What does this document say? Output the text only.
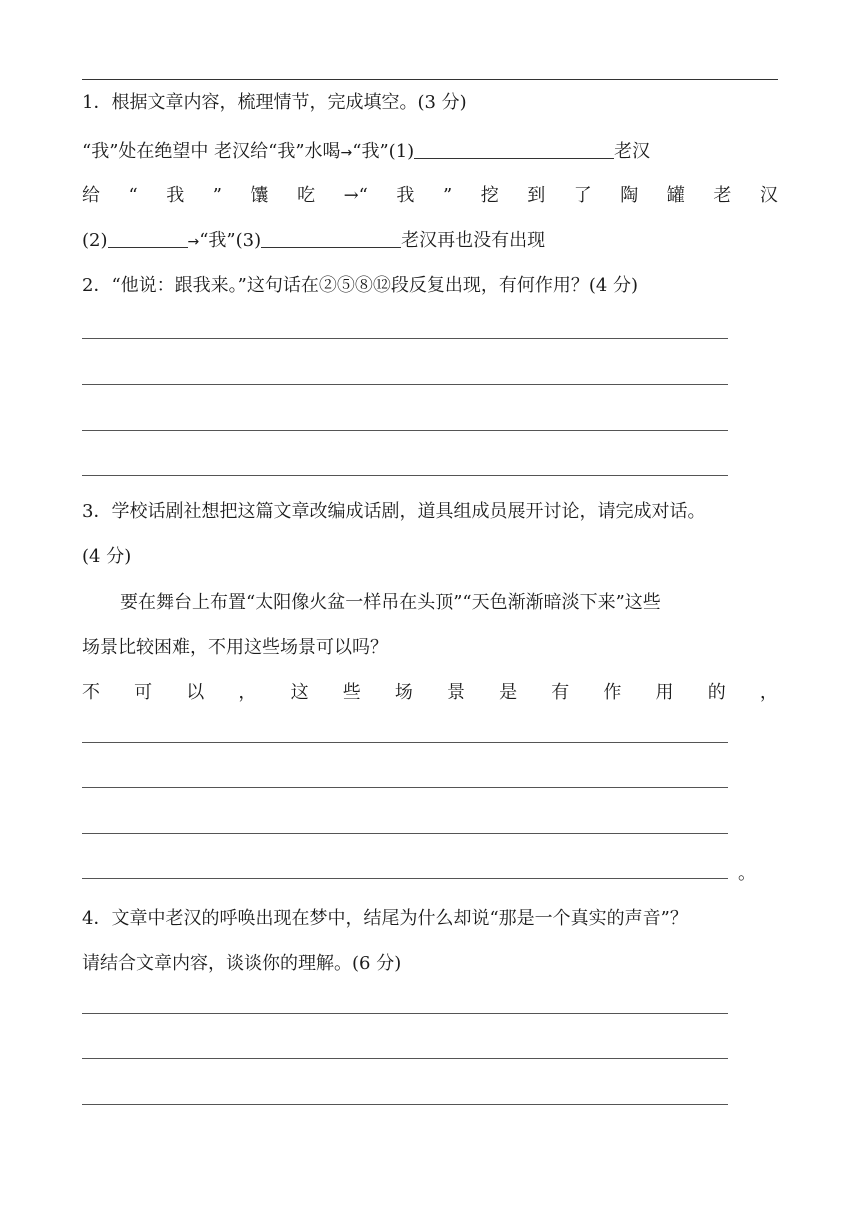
1．根据文章内容，梳理情节，完成填空。(3 分)
“我”处在绝望中 老汉给“我”水喝→“我”(1)	老汉
给 “ 我 ” 馕 吃 →“ 我 ” 挖 到 了 陶 罐 老 汉
(2)	→“我”(3)	老汉再也没有出现
2．“他说：跟我来。”这句话在②⑤⑧⑫段反复出现，有何作用？(4 分)
3．学校话剧社想把这篇文章改编成话剧，道具组成员展开讨论，请完成对话。
(4 分)
要在舞台上布置“太阳像火盆一样吊在头顶”“天色渐渐暗淡下来”这些
场景比较困难，不用这些场景可以吗？
不 可 以 ， 这 些 场 景 是 有 作 用 的 ，
。
4．文章中老汉的呼唤出现在梦中，结尾为什么却说“那是一个真实的声音”？
请结合文章内容，谈谈你的理解。(6 分)
